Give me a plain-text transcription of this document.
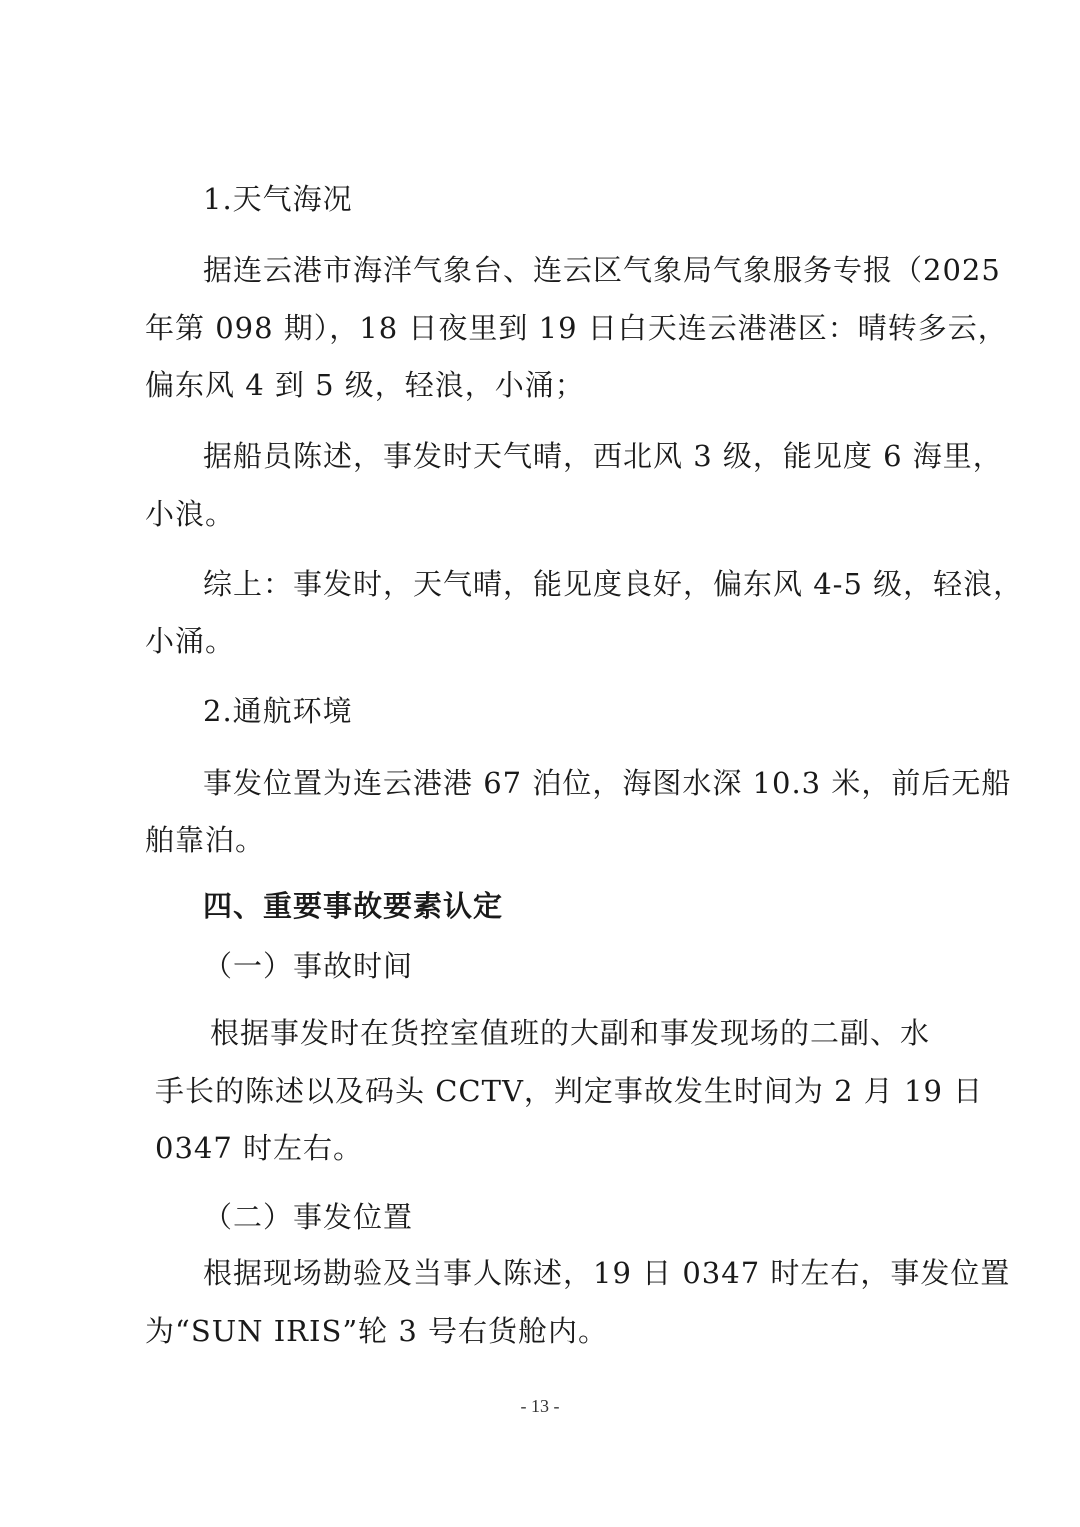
1.天气海况
据连云港市海洋气象台、连云区气象局气象服务专报（2025
年第 098 期），18 日夜里到 19 日白天连云港港区：晴转多云，
偏东风 4 到 5 级，轻浪，小涌；
据船员陈述，事发时天气晴，西北风 3 级，能见度 6 海里，
小浪。
综上：事发时，天气晴，能见度良好，偏东风 4-5 级，轻浪，
小涌。
2.通航环境
事发位置为连云港港 67 泊位，海图水深 10.3 米，前后无船
舶靠泊。
四、重要事故要素认定
（一）事故时间
根据事发时在货控室值班的大副和事发现场的二副、水
手长的陈述以及码头 CCTV，判定事故发生时间为 2 月 19 日
0347 时左右。
（二）事发位置
根据现场勘验及当事人陈述，19 日 0347 时左右，事发位置
为“SUN IRIS”轮 3 号右货舱内。
- 13 -
